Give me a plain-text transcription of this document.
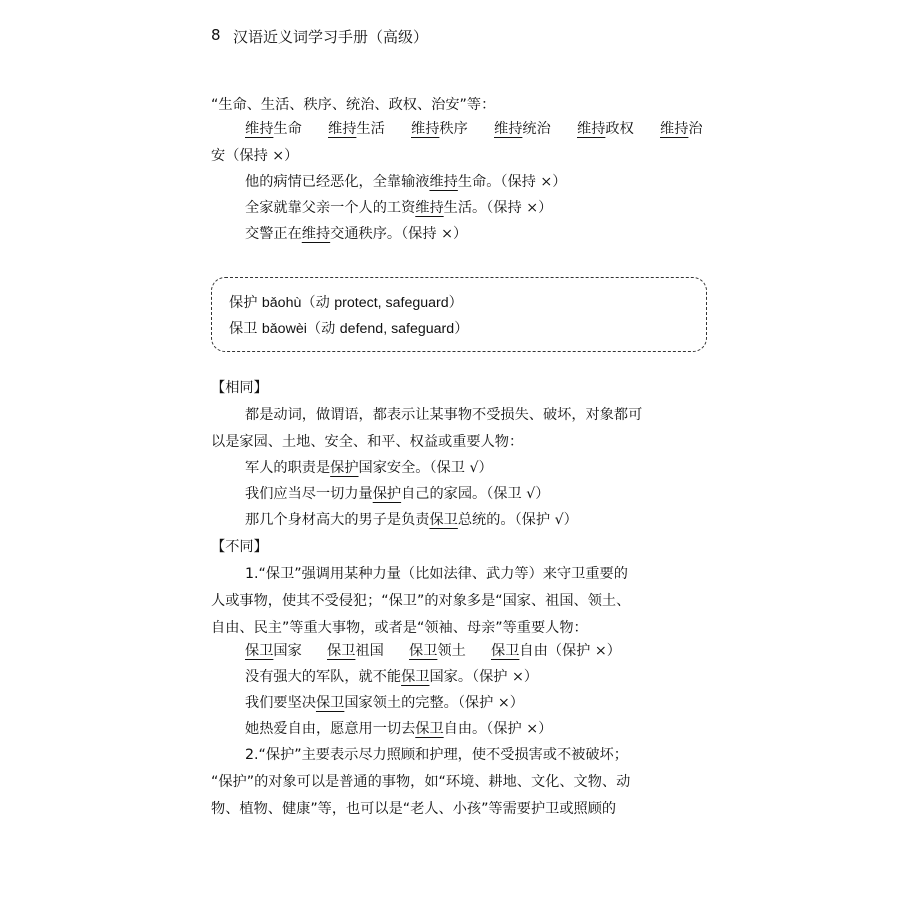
8 汉语近义词学习手册（高级）
“生命、生活、秩序、统治、政权、治安”等：
维持生命 维持生活 维持秩序 维持统治 维持政权 维持治
安（保持 ×）
他的病情已经恶化，全靠输液维持生命。（保持 ×）
全家就靠父亲一个人的工资维持生活。（保持 ×）
交警正在维持交通秩序。（保持 ×）
保护 bǎohù（动 protect, safeguard）
保卫 bǎowèi（动 defend, safeguard）
【相同】
都是动词，做谓语，都表示让某事物不受损失、破坏，对象都可
以是家园、土地、安全、和平、权益或重要人物：
军人的职责是保护国家安全。（保卫 √）
我们应当尽一切力量保护自己的家园。（保卫 √）
那几个身材高大的男子是负责保卫总统的。（保护 √）
【不同】
1.“保卫”强调用某种力量（比如法律、武力等）来守卫重要的
人或事物，使其不受侵犯；“保卫”的对象多是“国家、祖国、领土、
自由、民主”等重大事物，或者是“领袖、母亲”等重要人物：
保卫国家 保卫祖国 保卫领土 保卫自由（保护 ×）
没有强大的军队，就不能保卫国家。（保护 ×）
我们要坚决保卫国家领土的完整。（保护 ×）
她热爱自由，愿意用一切去保卫自由。（保护 ×）
2.“保护”主要表示尽力照顾和护理，使不受损害或不被破坏；
“保护”的对象可以是普通的事物，如“环境、耕地、文化、文物、动
物、植物、健康”等，也可以是“老人、小孩”等需要护卫或照顾的
